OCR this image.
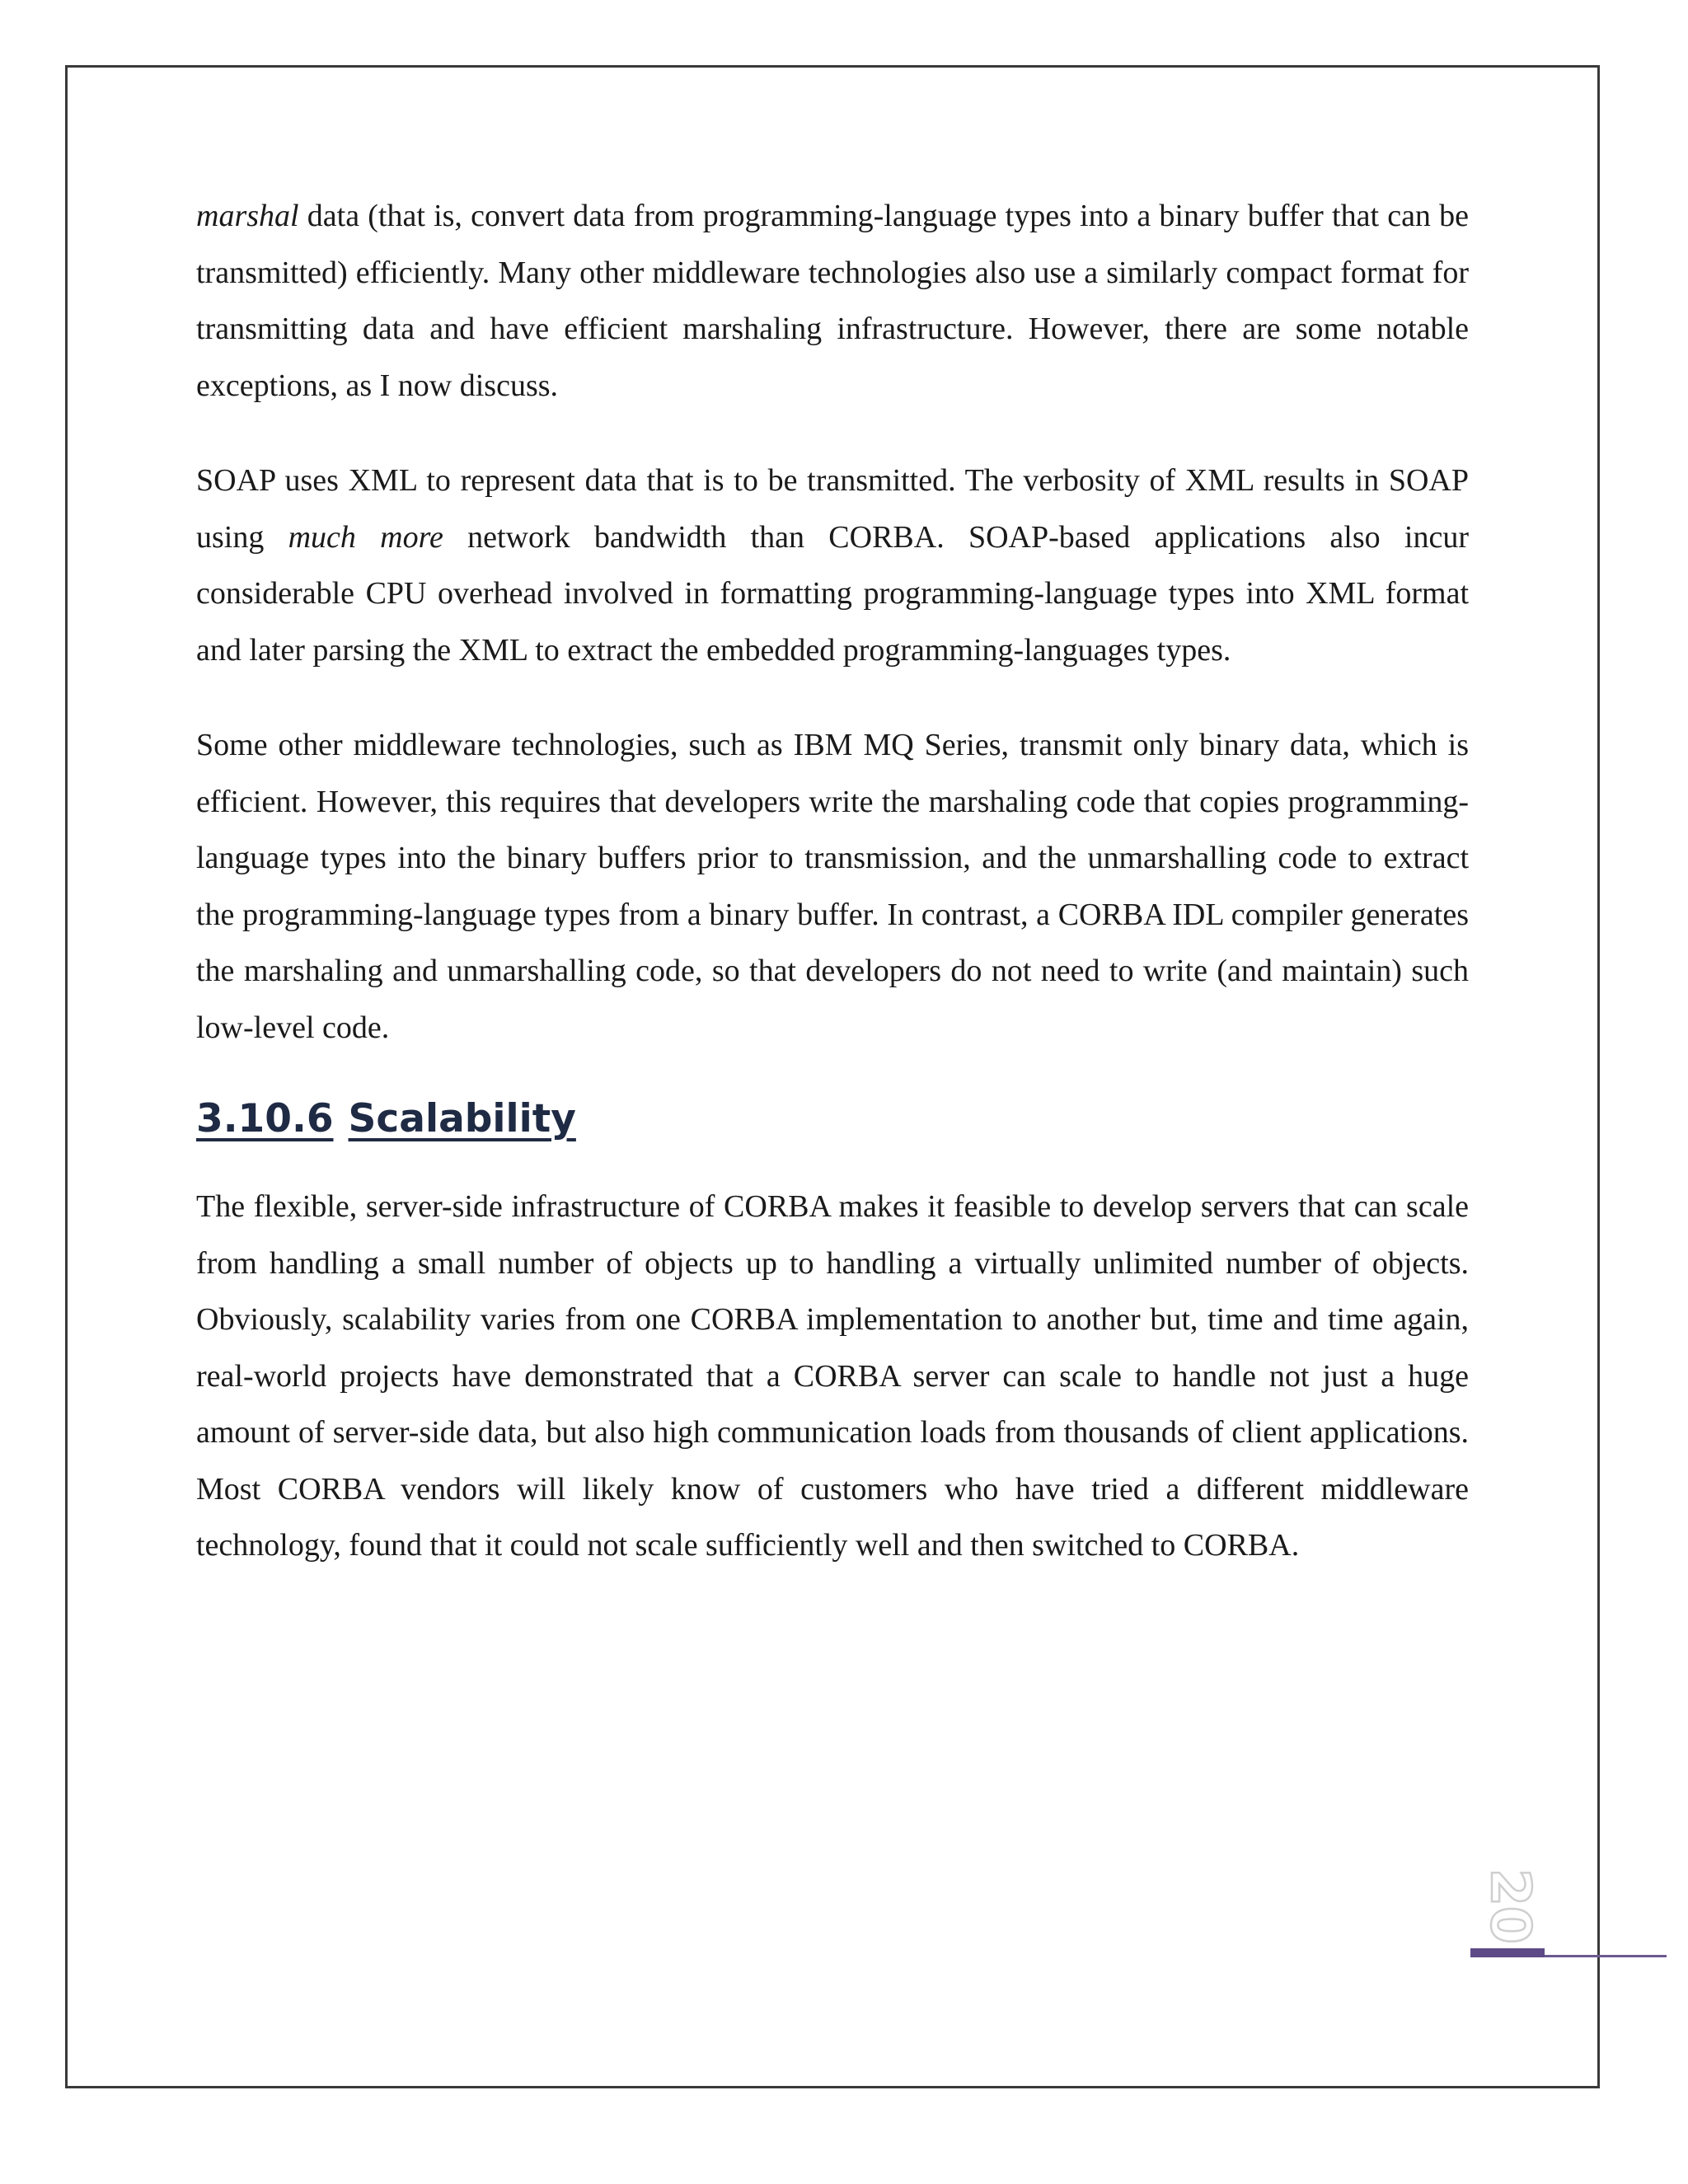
marshal data (that is, convert data from programming-language types into a binary buffer that can be transmitted) efficiently. Many other middleware technologies also use a similarly compact format for transmitting data and have efficient marshaling infrastructure. However, there are some notable exceptions, as I now discuss.

SOAP uses XML to represent data that is to be transmitted. The verbosity of XML results in SOAP using much more network bandwidth than CORBA. SOAP-based applications also incur considerable CPU overhead involved in formatting programming-language types into XML format and later parsing the XML to extract the embedded programming-languages types.

Some other middleware technologies, such as IBM MQ Series, transmit only binary data, which is efficient. However, this requires that developers write the marshaling code that copies programming-language types into the binary buffers prior to transmission, and the unmarshalling code to extract the programming-language types from a binary buffer. In contrast, a CORBA IDL compiler generates the marshaling and unmarshalling code, so that developers do not need to write (and maintain) such low-level code.

3.10.6 Scalability

The flexible, server-side infrastructure of CORBA makes it feasible to develop servers that can scale from handling a small number of objects up to handling a virtually unlimited number of objects. Obviously, scalability varies from one CORBA implementation to another but, time and time again, real-world projects have demonstrated that a CORBA server can scale to handle not just a huge amount of server-side data, but also high communication loads from thousands of client applications. Most CORBA vendors will likely know of customers who have tried a different middleware technology, found that it could not scale sufficiently well and then switched to CORBA.

20
